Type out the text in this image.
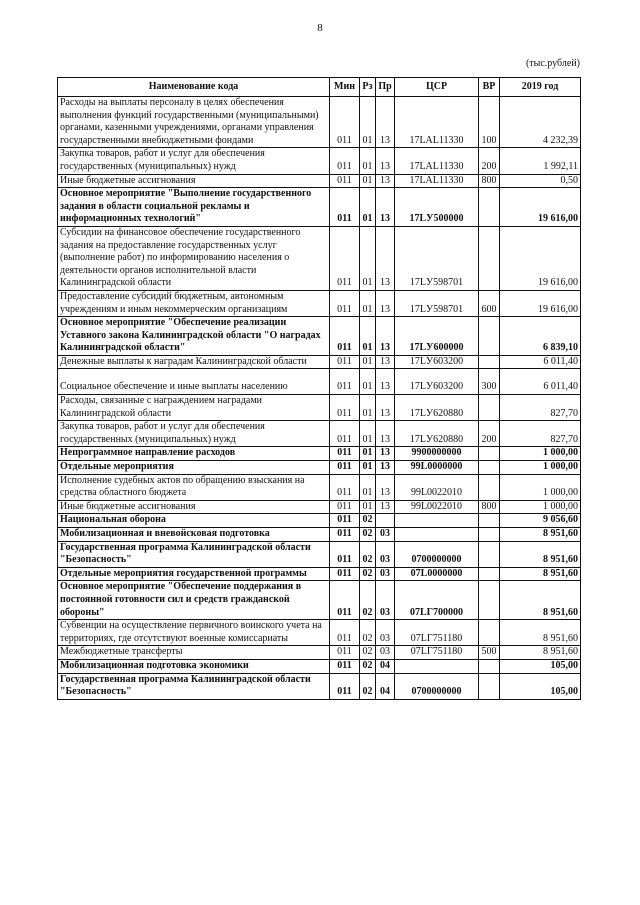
8
(тыс.рублей)
Наименование кода	Мин	Рз	Пр	ЦСР	ВР	2019 год
Расходы на выплаты персоналу в целях обеспечения выполнения функций государственными (муниципальными) органами, казенными учреждениями, органами управления государственными внебюджетными фондами	011	01	13	17LAL11330	100	4 232,39
Закупка товаров, работ и услуг для обеспечения государственных (муниципальных) нужд	011	01	13	17LAL11330	200	1 992,11
Иные бюджетные ассигнования	011	01	13	17LAL11330	800	0,50
Основное мероприятие "Выполнение государственного задания в области социальной рекламы и информационных технологий"	011	01	13	17LУ500000		19 616,00
Субсидии на финансовое обеспечение государственного задания на предоставление государственных услуг (выполнение работ) по информированию населения о деятельности органов исполнительной власти Калининградской области	011	01	13	17LУ598701		19 616,00
Предоставление субсидий бюджетным, автономным учреждениям и иным некоммерческим организациям	011	01	13	17LУ598701	600	19 616,00
Основное мероприятие "Обеспечение реализации Уставного закона Калининградской области "О наградах Калининградской области"	011	01	13	17LУ600000		6 839,10
Денежные выплаты к наградам Калининградской области	011	01	13	17LУ603200		6 011,40
Социальное обеспечение и иные выплаты населению	011	01	13	17LУ603200	300	6 011,40
Расходы, связанные с награждением наградами Калининградской области	011	01	13	17LУ620880		827,70
Закупка товаров, работ и услуг для обеспечения государственных (муниципальных) нужд	011	01	13	17LУ620880	200	827,70
Непрограммное направление расходов	011	01	13	9900000000		1 000,00
Отдельные мероприятия	011	01	13	99L0000000		1 000,00
Исполнение судебных актов по обращению взыскания на средства областного бюджета	011	01	13	99L0022010		1 000,00
Иные бюджетные ассигнования	011	01	13	99L0022010	800	1 000,00
Национальная оборона	011	02				9 056,60
Мобилизационная и вневойсковая подготовка	011	02	03			8 951,60
Государственная программа Калининградской области "Безопасность"	011	02	03	0700000000		8 951,60
Отдельные мероприятия государственной программы	011	02	03	07L0000000		8 951,60
Основное мероприятие "Обеспечение поддержания в постоянной готовности сил и средств гражданской обороны"	011	02	03	07LГ700000		8 951,60
Субвенции на осуществление первичного воинского учета на территориях, где отсутствуют военные комиссариаты	011	02	03	07LГ751180		8 951,60
Межбюджетные трансферты	011	02	03	07LГ751180	500	8 951,60
Мобилизационная подготовка экономики	011	02	04			105,00
Государственная программа Калининградской области "Безопасность"	011	02	04	0700000000		105,00
